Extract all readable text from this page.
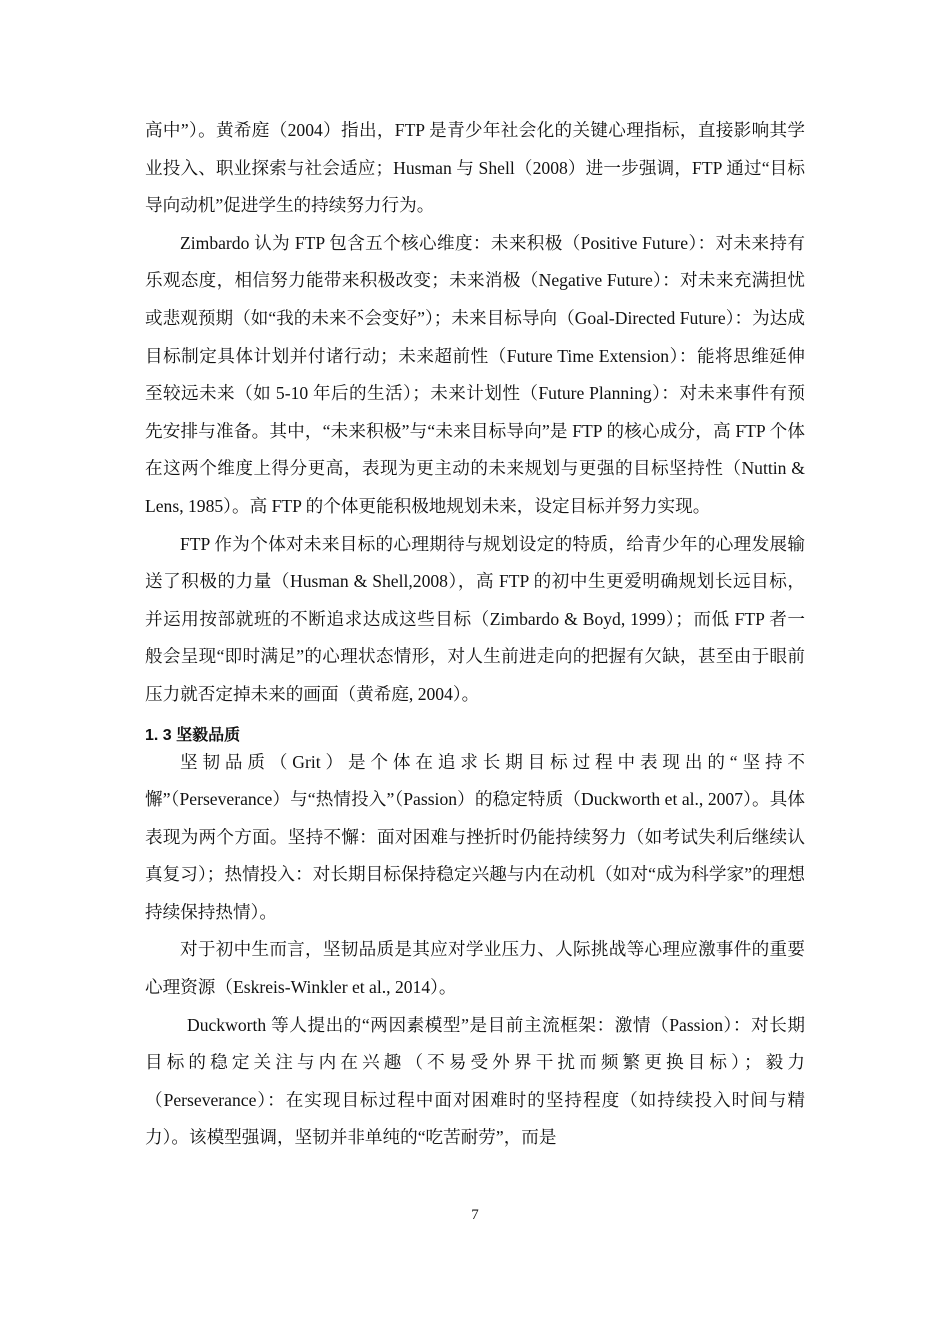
高中”）。黄希庭（2004）指出，FTP 是青少年社会化的关键心理指标，直接影响其学业投入、职业探索与社会适应；Husman 与 Shell（2008）进一步强调，FTP 通过“目标导向动机”促进学生的持续努力行为。

Zimbardo 认为 FTP 包含五个核心维度：未来积极（Positive Future）：对未来持有乐观态度，相信努力能带来积极改变；未来消极（Negative Future）：对未来充满担忧或悲观预期（如“我的未来不会变好”）；未来目标导向（Goal-Directed Future）：为达成目标制定具体计划并付诸行动；未来超前性（Future Time Extension）：能将思维延伸至较远未来（如 5-10 年后的生活）；未来计划性（Future Planning）：对未来事件有预先安排与准备。其中，“未来积极”与“未来目标导向”是 FTP 的核心成分，高 FTP 个体在这两个维度上得分更高，表现为更主动的未来规划与更强的目标坚持性（Nuttin & Lens, 1985）。高 FTP 的个体更能积极地规划未来，设定目标并努力实现。

FTP 作为个体对未来目标的心理期待与规划设定的特质，给青少年的心理发展输送了积极的力量（Husman & Shell,2008），高 FTP 的初中生更爱明确规划长远目标，并运用按部就班的不断追求达成这些目标（Zimbardo & Boyd, 1999）；而低 FTP 者一般会呈现“即时满足”的心理状态情形，对人生前进走向的把握有欠缺，甚至由于眼前压力就否定掉未来的画面（黄希庭, 2004）。

1. 3 坚毅品质

坚韧品质（Grit）是个体在追求长期目标过程中表现出的“坚持不懈”（Perseverance）与“热情投入”（Passion）的稳定特质（Duckworth et al., 2007）。具体表现为两个方面。坚持不懈：面对困难与挫折时仍能持续努力（如考试失利后继续认真复习）；热情投入：对长期目标保持稳定兴趣与内在动机（如对“成为科学家”的理想持续保持热情）。

对于初中生而言，坚韧品质是其应对学业压力、人际挑战等心理应激事件的重要心理资源（Eskreis-Winkler et al., 2014）。

Duckworth 等人提出的“两因素模型”是目前主流框架：激情（Passion）：对长期目标的稳定关注与内在兴趣（不易受外界干扰而频繁更换目标）；毅力（Perseverance）：在实现目标过程中面对困难时的坚持程度（如持续投入时间与精力）。该模型强调，坚韧并非单纯的“吃苦耐劳”，而是

7
